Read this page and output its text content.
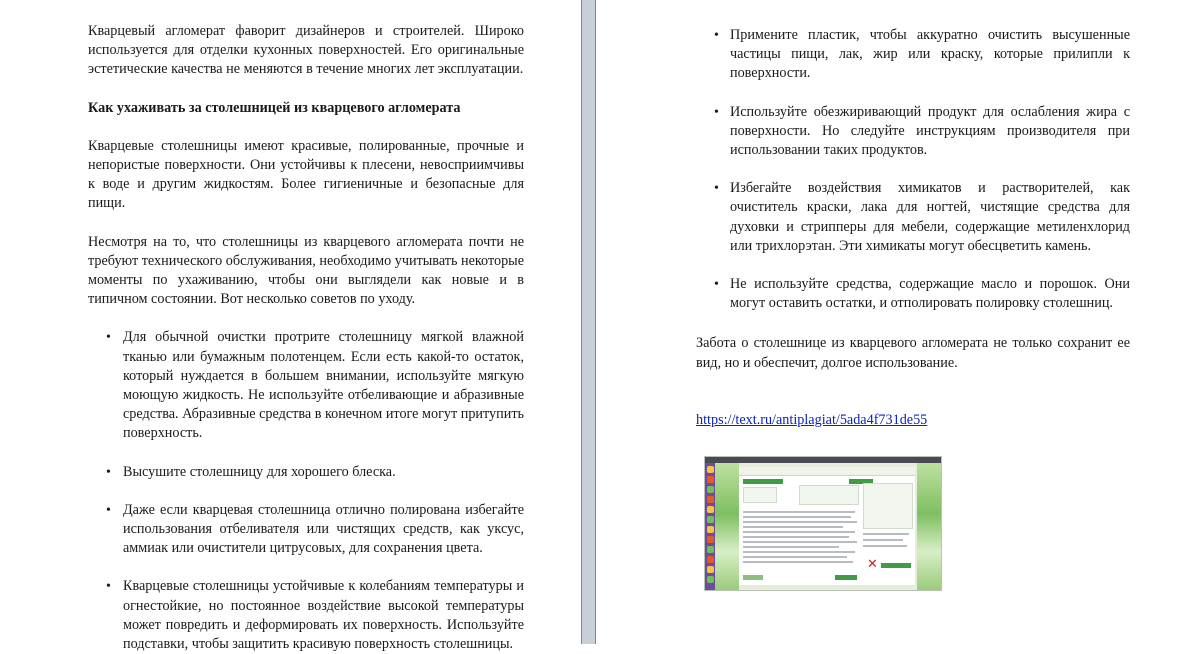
Кварцевый агломерат фаворит дизайнеров и строителей. Широко используется для отделки кухонных поверхностей. Его оригинальные эстетические качества не меняются в течение многих лет эксплуатации.

Как ухаживать за столешницей из кварцевого агломерата

Кварцевые столешницы имеют красивые, полированные, прочные и непористые поверхности. Они устойчивы к плесени, невосприимчивы к воде и другим жидкостям. Более гигиеничные и безопасные для пищи.

Несмотря на то, что столешницы из кварцевого агломерата почти не требуют технического обслуживания, необходимо учитывать некоторые моменты по ухаживанию, чтобы они выглядели как новые и в типичном состоянии. Вот несколько советов по уходу.

• Для обычной очистки протрите столешницу мягкой влажной тканью или бумажным полотенцем. Если есть какой-то остаток, который нуждается в большем внимании, используйте мягкую моющую жидкость. Не используйте отбеливающие и абразивные средства. Абразивные средства в конечном итоге могут притупить поверхность.
• Высушите столешницу для хорошего блеска.
• Даже если кварцевая столешница отлично полирована избегайте использования отбеливателя или чистящих средств, как уксус, аммиак или очистители цитрусовых, для сохранения цвета.
• Кварцевые столешницы устойчивые к колебаниям температуры и огнестойкие, но постоянное воздействие высокой температуры может повредить и деформировать их поверхность. Используйте подставки, чтобы защитить красивую поверхность столешницы.
• Примените пластик, чтобы аккуратно очистить высушенные частицы пищи, лак, жир или краску, которые прилипли к поверхности.
• Используйте обезжиривающий продукт для ослабления жира с поверхности. Но следуйте инструкциям производителя при использовании таких продуктов.
• Избегайте воздействия химикатов и растворителей, как очиститель краски, лака для ногтей, чистящие средства для духовки и стрипперы для мебели, содержащие метиленхлорид или трихлорэтан. Эти химикаты могут обесцветить камень.
• Не используйте средства, содержащие масло и порошок. Они могут оставить остатки, и отполировать полировку столешниц.

Забота о столешнице из кварцевого агломерата не только сохранит ее вид, но и обеспечит, долгое использование.

https://text.ru/antiplagiat/5ada4f731de55

✕
